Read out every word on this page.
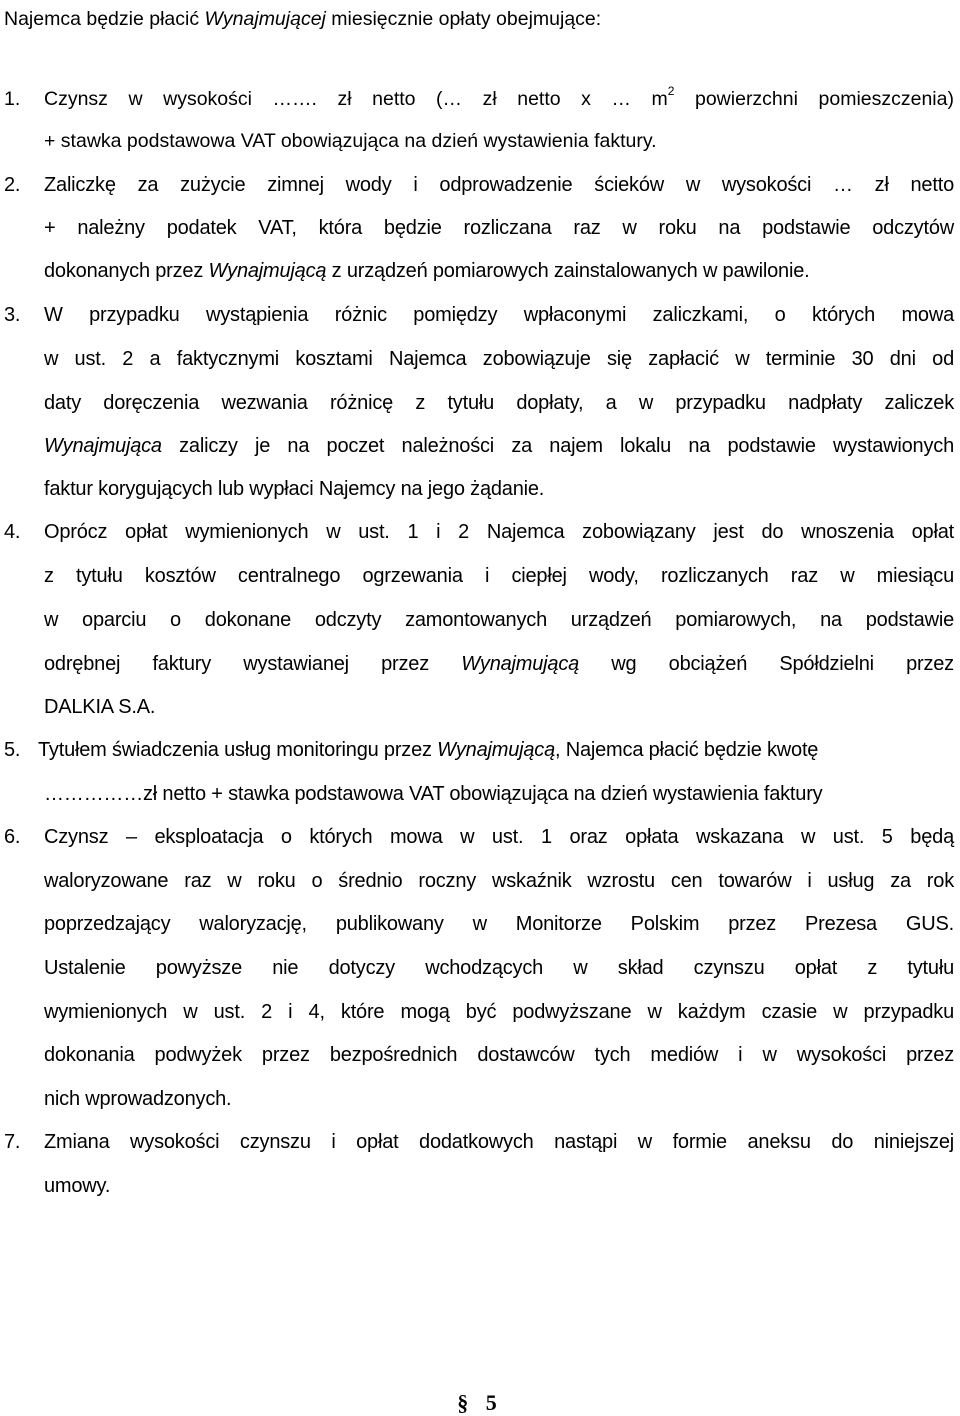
Najemca będzie płacić Wynajmującej miesięcznie opłaty obejmujące:
1. Czynsz w wysokości ……. zł netto (… zł netto x … $m^2$ powierzchni pomieszczenia)
+ stawka podstawowa VAT obowiązująca na dzień wystawienia faktury.
2. Zaliczkę za zużycie zimnej wody i odprowadzenie ścieków w wysokości … zł netto
+ należny podatek VAT, która będzie rozliczana raz w roku na podstawie odczytów
dokonanych przez Wynajmującą z urządzeń pomiarowych zainstalowanych w pawilonie.
3. W przypadku wystąpienia różnic pomiędzy wpłaconymi zaliczkami, o których mowa
w ust. 2 a faktycznymi kosztami Najemca zobowiązuje się zapłacić w terminie 30 dni od
daty doręczenia wezwania różnicę z tytułu dopłaty, a w przypadku nadpłaty zaliczek
Wynajmująca zaliczy je na poczet należności za najem lokalu na podstawie wystawionych
faktur korygujących lub wypłaci Najemcy na jego żądanie.
4. Oprócz opłat wymienionych w ust. 1 i 2 Najemca zobowiązany jest do wnoszenia opłat
z tytułu kosztów centralnego ogrzewania i ciepłej wody, rozliczanych raz w miesiącu
w oparciu o dokonane odczyty zamontowanych urządzeń pomiarowych, na podstawie
odrębnej faktury wystawianej przez Wynajmującą wg obciążeń Spółdzielni przez
DALKIA S.A.
5. Tytułem świadczenia usług monitoringu przez Wynajmującą, Najemca płacić będzie kwotę
……………zł netto + stawka podstawowa VAT obowiązująca na dzień wystawienia faktury
6. Czynsz – eksploatacja o których mowa w ust. 1 oraz opłata wskazana w ust. 5 będą
waloryzowane raz w roku o średnio roczny wskaźnik wzrostu cen towarów i usług za rok
poprzedzający waloryzację, publikowany w Monitorze Polskim przez Prezesa GUS.
Ustalenie powyższe nie dotyczy wchodzących w skład czynszu opłat z tytułu
wymienionych w ust. 2 i 4, które mogą być podwyższane w każdym czasie w przypadku
dokonania podwyżek przez bezpośrednich dostawców tych mediów i w wysokości przez
nich wprowadzonych.
7. Zmiana wysokości czynszu i opłat dodatkowych nastąpi w formie aneksu do niniejszej
umowy.
§ 5
